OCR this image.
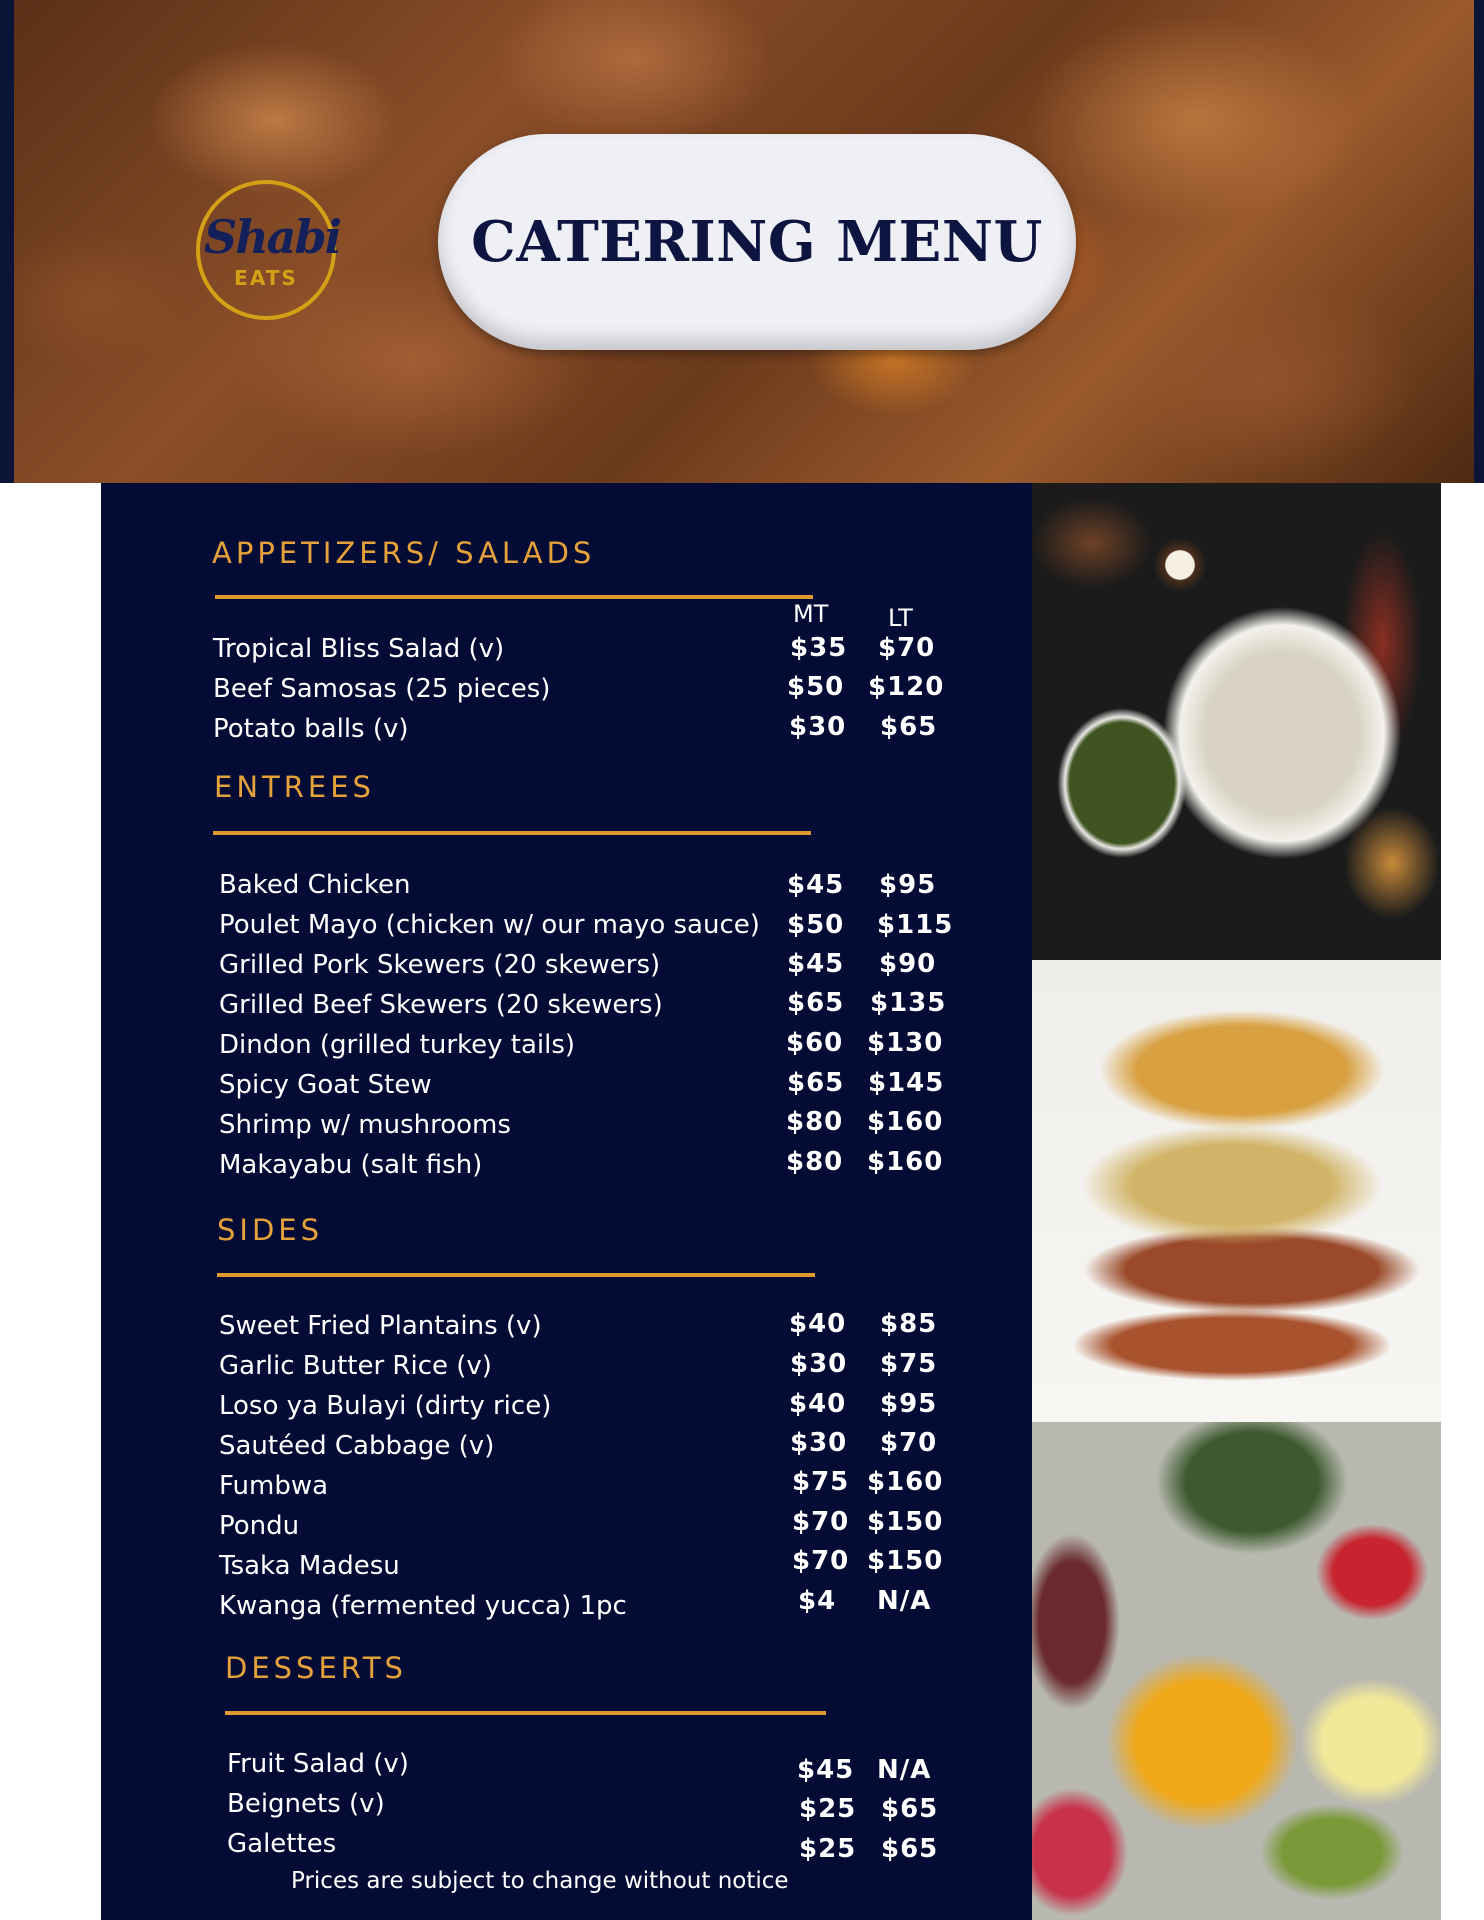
Shabi
EATS
CATERING MENU
APPETIZERS/ SALADS
MT LT
Tropical Bliss Salad (v)	$35 $70
Beef Samosas (25 pieces)	$50 $120
Potato balls (v)	$30 $65
ENTREES
Baked Chicken	$45 $95
Poulet Mayo (chicken w/ our mayo sauce) $50 $115
Grilled Pork Skewers (20 skewers)	$45 $90
Grilled Beef Skewers (20 skewers)	$65 $135
Dindon (grilled turkey tails)	$60 $130
Spicy Goat Stew	$65 $145
Shrimp w/ mushrooms	$80 $160
Makayabu (salt fish)	$80 $160
SIDES
Sweet Fried Plantains (v)	$40 $85
Garlic Butter Rice (v)	$30 $75
Loso ya Bulayi (dirty rice)	$40 $95
Sautéed Cabbage (v)	$30 $70
Fumbwa	$75 $160
Pondu	$70 $150
Tsaka Madesu	$70 $150
Kwanga (fermented yucca) 1pc	$4 N/A
DESSERTS
Fruit Salad (v)	$45 N/A
Beignets (v)	$25 $65
Galettes	$25 $65
Prices are subject to change without notice
